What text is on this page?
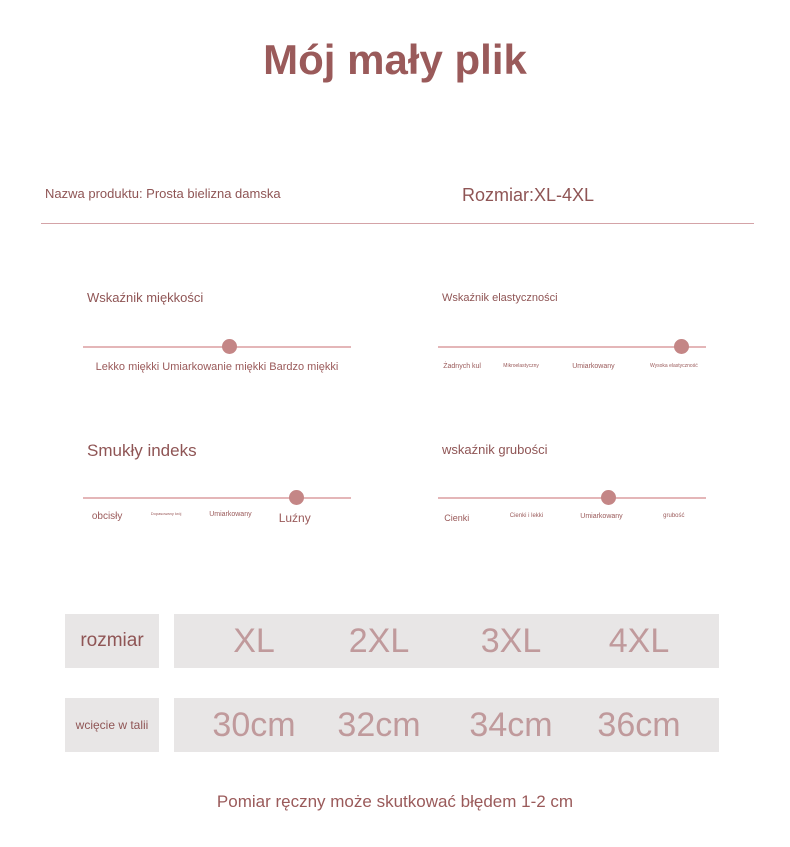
Mój mały plik
Nazwa produktu: Prosta bielizna damska	Rozmiar:XL-4XL
Wskaźnik miękkości
Lekko miękki Umiarkowanie miękki Bardzo miękki
Wskaźnik elastyczności
Żadnych kul	Mikroelastyczny	Umiarkowany	Wysoka elastyczność
Smukły indeks
obcisły	Dopasowany krój	Umiarkowany Luźny
wskaźnik grubości
Cienki	Cienki i lekki	Umiarkowany	grubość
rozmiar	XL 2XL 3XL 4XL
wcięcie w talii	30cm 32cm 34cm 36cm
Pomiar ręczny może skutkować błędem 1-2 cm
